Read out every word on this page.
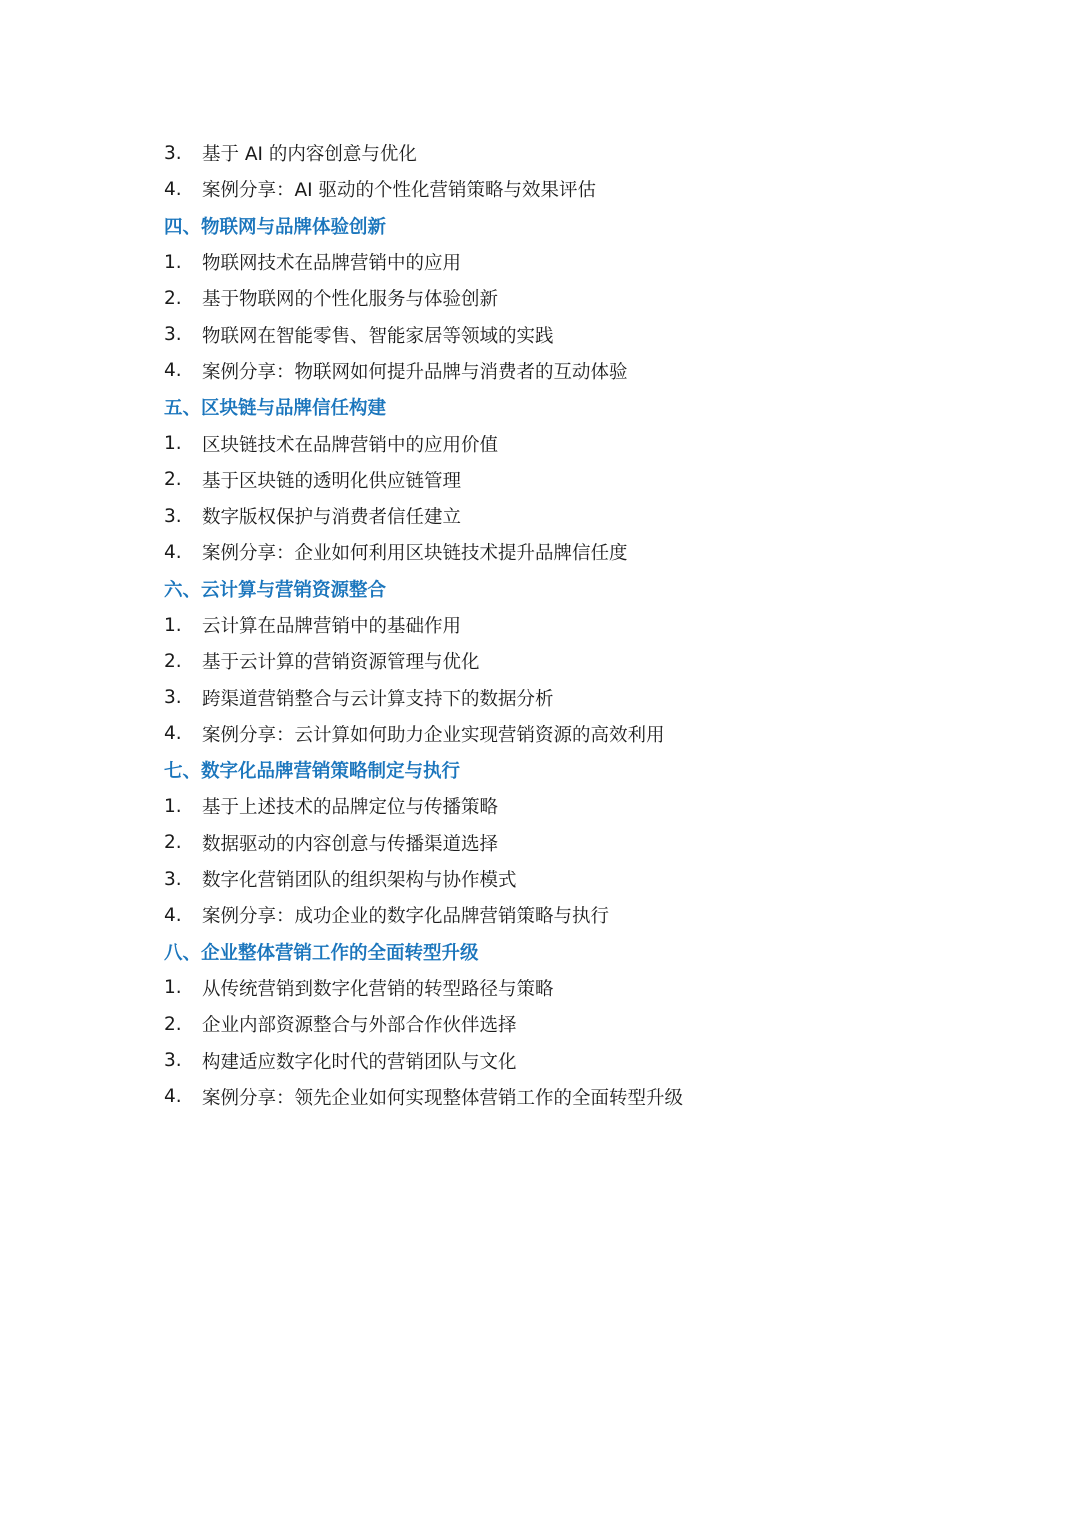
3.	基于 AI 的内容创意与优化
4.	案例分享：AI 驱动的个性化营销策略与效果评估
四、物联网与品牌体验创新
1.	物联网技术在品牌营销中的应用
2.	基于物联网的个性化服务与体验创新
3.	物联网在智能零售、智能家居等领域的实践
4.	案例分享：物联网如何提升品牌与消费者的互动体验
五、区块链与品牌信任构建
1.	区块链技术在品牌营销中的应用价值
2.	基于区块链的透明化供应链管理
3.	数字版权保护与消费者信任建立
4.	案例分享：企业如何利用区块链技术提升品牌信任度
六、云计算与营销资源整合
1.	云计算在品牌营销中的基础作用
2.	基于云计算的营销资源管理与优化
3.	跨渠道营销整合与云计算支持下的数据分析
4.	案例分享：云计算如何助力企业实现营销资源的高效利用
七、数字化品牌营销策略制定与执行
1.	基于上述技术的品牌定位与传播策略
2.	数据驱动的内容创意与传播渠道选择
3.	数字化营销团队的组织架构与协作模式
4.	案例分享：成功企业的数字化品牌营销策略与执行
八、企业整体营销工作的全面转型升级
1.	从传统营销到数字化营销的转型路径与策略
2.	企业内部资源整合与外部合作伙伴选择
3.	构建适应数字化时代的营销团队与文化
4.	案例分享：领先企业如何实现整体营销工作的全面转型升级
